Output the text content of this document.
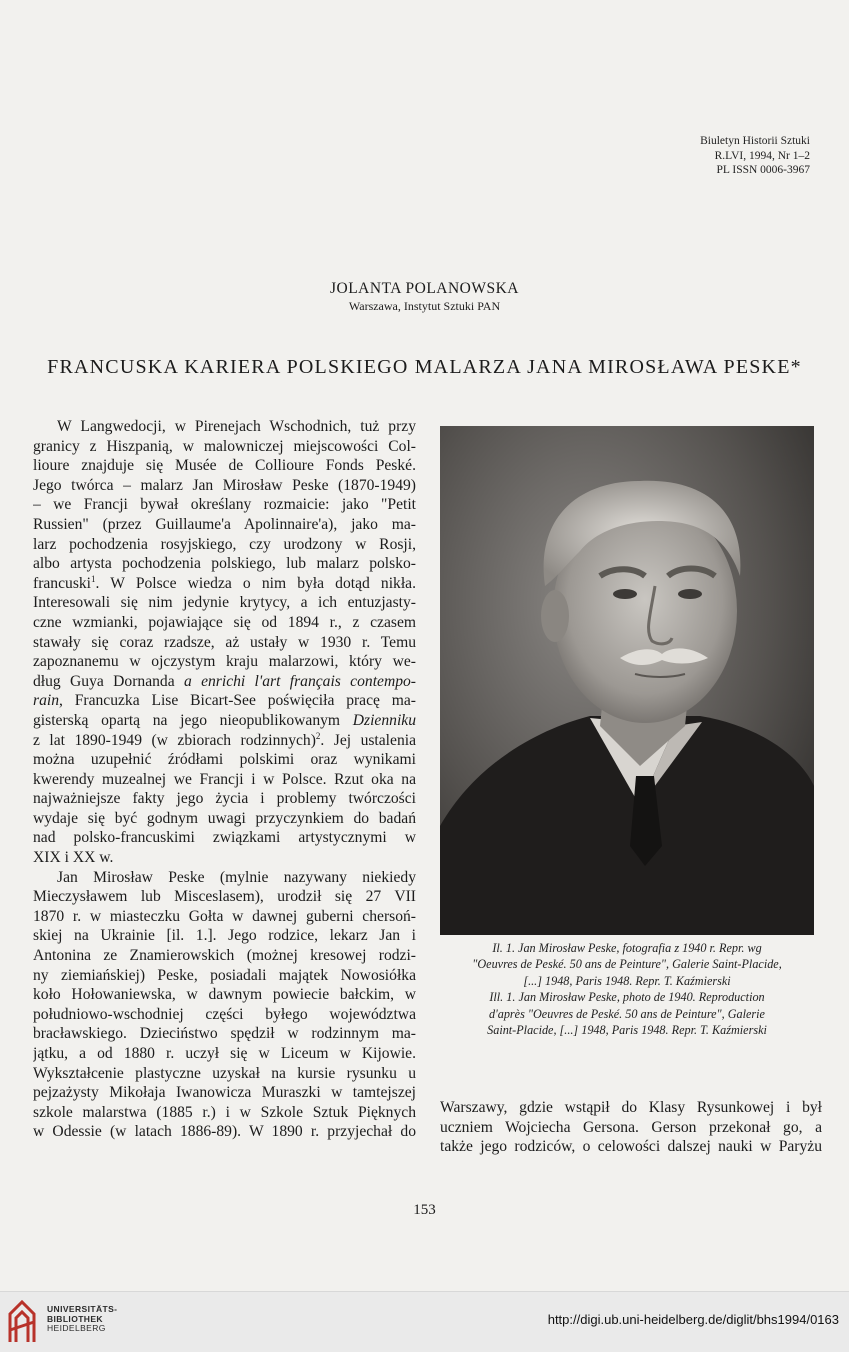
Biuletyn Historii Sztuki
R.LVI, 1994, Nr 1–2
PL ISSN 0006-3967
JOLANTA POLANOWSKA
Warszawa, Instytut Sztuki PAN
FRANCUSKA KARIERA POLSKIEGO MALARZA JANA MIROSŁAWA PESKE*
W Langwedocji, w Pirenejach Wschodnich, tuż przy
granicy z Hiszpanią, w malowniczej miejscowości Col-
lioure znajduje się Musée de Collioure Fonds Peské.
Jego twórca – malarz Jan Mirosław Peske (1870-1949)
– we Francji bywał określany rozmaicie: jako "Petit
Russien" (przez Guillaume'a Apolinnaire'a), jako ma-
larz pochodzenia rosyjskiego, czy urodzony w Rosji,
albo artysta pochodzenia polskiego, lub malarz polsko-
francuski$^1$. W Polsce wiedza o nim była dotąd nikła.
Interesowali się nim jedynie krytycy, a ich entuzjasty-
czne wzmianki, pojawiające się od 1894 r., z czasem
stawały się coraz rzadsze, aż ustały w 1930 r. Temu
zapoznanemu w ojczystym kraju malarzowi, który we-
dług Guya Dornanda a enrichi l'art français contempo-
rain, Francuzka Lise Bicart-See poświęciła pracę ma-
gisterską opartą na jego nieopublikowanym Dzienniku
z lat 1890-1949 (w zbiorach rodzinnych)$^2$. Jej ustalenia
można uzupełnić źródłami polskimi oraz wynikami
kwerendy muzealnej we Francji i w Polsce. Rzut oka na
najważniejsze fakty jego życia i problemy twórczości
wydaje się być godnym uwagi przyczynkiem do badań
nad polsko-francuskimi związkami artystycznymi w
XIX i XX w.
Jan Mirosław Peske (mylnie nazywany niekiedy
Mieczysławem lub Misceslasem), urodził się 27 VII
1870 r. w miasteczku Gołta w dawnej guberni chersoń-
skiej na Ukrainie [il. 1.]. Jego rodzice, lekarz Jan i
Antonina ze Znamierowskich (możnej kresowej rodzi-
ny ziemiańskiej) Peske, posiadali majątek Nowosiółka
koło Hołowaniewska, w dawnym powiecie bałckim, w
południowo-wschodniej części byłego województwa
bracławskiego. Dzieciństwo spędził w rodzinnym ma-
jątku, a od 1880 r. uczył się w Liceum w Kijowie.
Wykształcenie plastyczne uzyskał na kursie rysunku u
pejzażysty Mikołaja Iwanowicza Muraszki w tamtejszej
szkole malarstwa (1885 r.) i w Szkole Sztuk Pięknych
w Odessie (w latach 1886-89). W 1890 r. przyjechał do
Il. 1. Jan Mirosław Peske, fotografia z 1940 r. Repr. wg
"Oeuvres de Peské. 50 ans de Peinture", Galerie Saint-Placide,
[...] 1948, Paris 1948. Repr. T. Kaźmierski
Ill. 1. Jan Mirosław Peske, photo de 1940. Reproduction
d'après "Oeuvres de Peské. 50 ans de Peinture", Galerie
Saint-Placide, [...] 1948, Paris 1948. Repr. T. Kaźmierski
Warszawy, gdzie wstąpił do Klasy Rysunkowej i był
uczniem Wojciecha Gersona. Gerson przekonał go, a
także jego rodziców, o celowości dalszej nauki w Paryżu
153
UNIVERSITÄTS-
BIBLIOTHEK
HEIDELBERG
http://digi.ub.uni-heidelberg.de/diglit/bhs1994/0163
